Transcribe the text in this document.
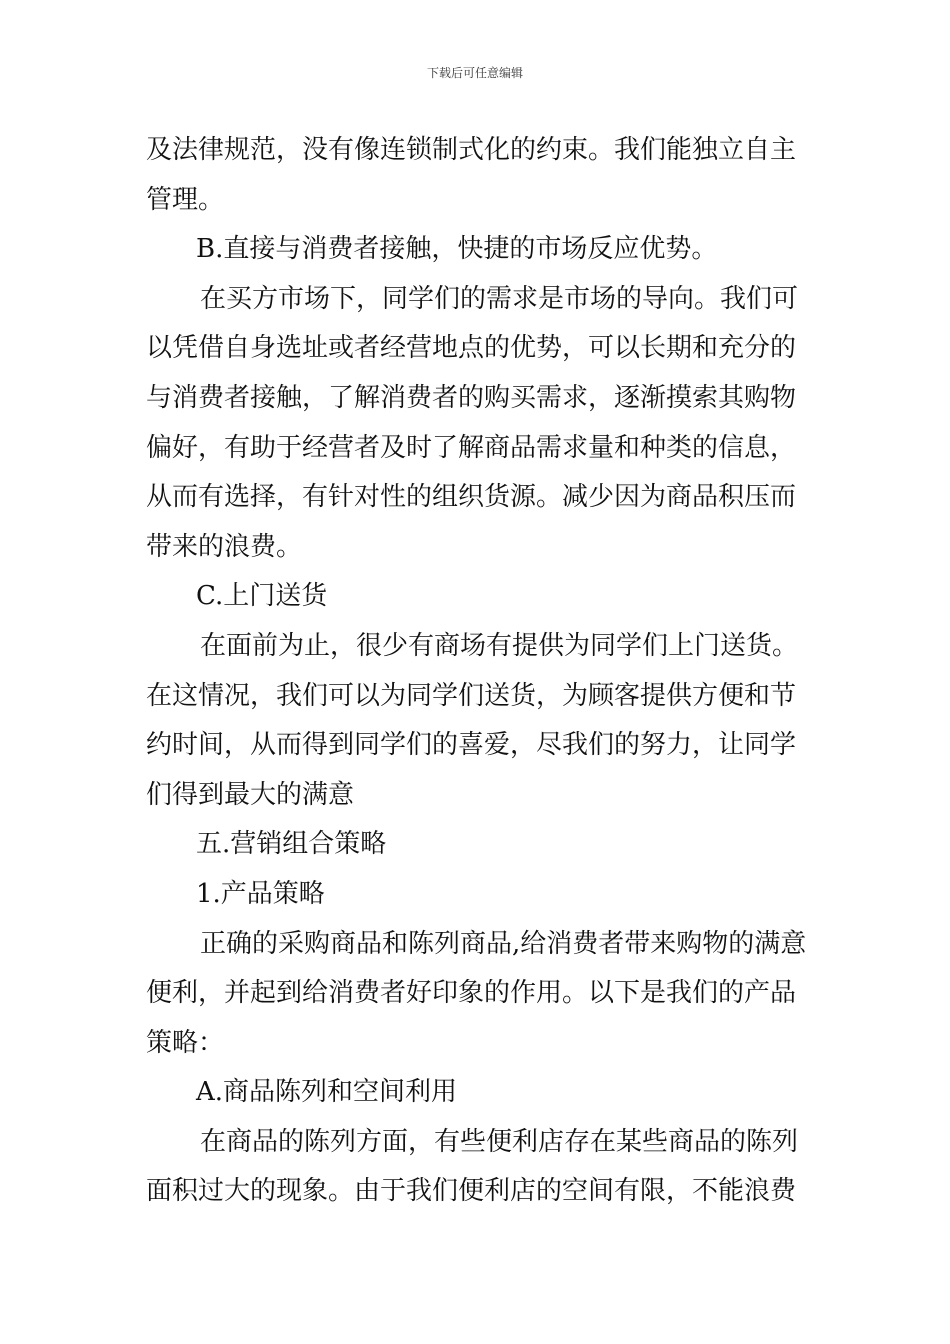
下载后可任意编辑
及法律规范，没有像连锁制式化的约束。我们能独立自主
管理。
B.直接与消费者接触，快捷的市场反应优势。
在买方市场下，同学们的需求是市场的导向。我们可
以凭借自身选址或者经营地点的优势，可以长期和充分的
与消费者接触，了解消费者的购买需求，逐渐摸索其购物
偏好，有助于经营者及时了解商品需求量和种类的信息，
从而有选择，有针对性的组织货源。减少因为商品积压而
带来的浪费。
C.上门送货
在面前为止，很少有商场有提供为同学们上门送货。
在这情况，我们可以为同学们送货，为顾客提供方便和节
约时间，从而得到同学们的喜爱，尽我们的努力，让同学
们得到最大的满意
五.营销组合策略
1.产品策略
正确的采购商品和陈列商品,给消费者带来购物的满意
便利，并起到给消费者好印象的作用。以下是我们的产品
策略：
A.商品陈列和空间利用
在商品的陈列方面，有些便利店存在某些商品的陈列
面积过大的现象。由于我们便利店的空间有限，不能浪费
